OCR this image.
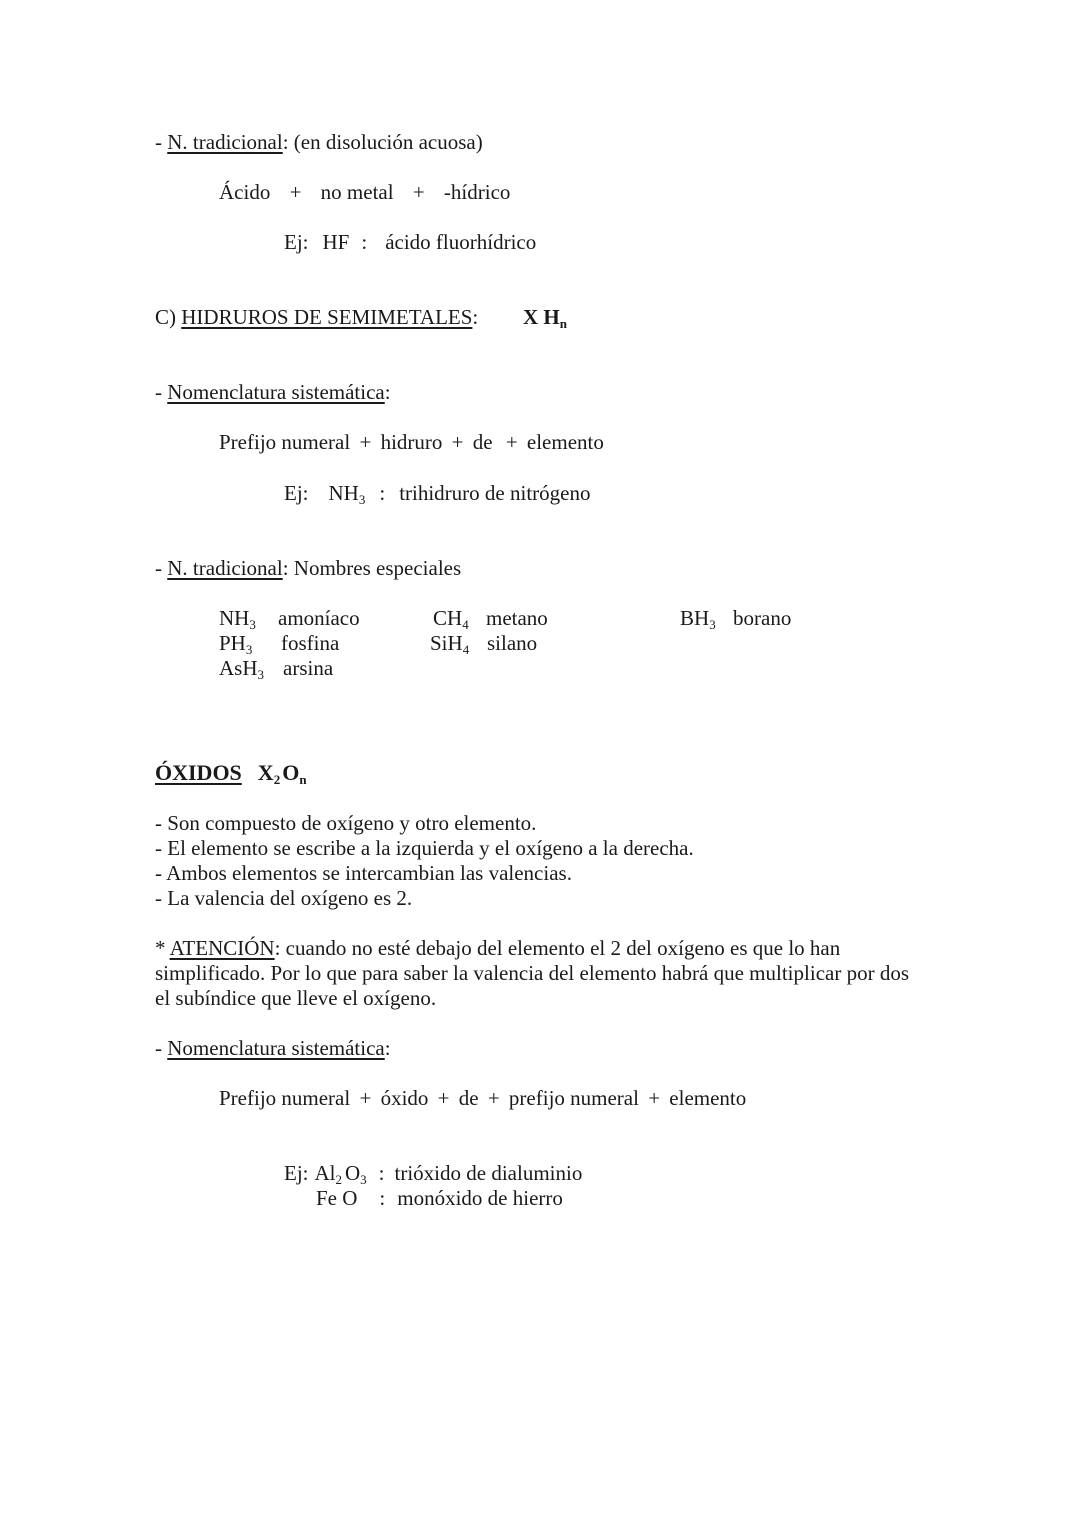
- N. tradicional: (en disolución acuosa)
Ácido + no metal + -hídrico
Ej: HF : ácido fluorhídrico
C) HIDRUROS DE SEMIMETALES: X $H_n$
- Nomenclatura sistemática:
Prefijo numeral + hidruro + de + elemento
Ej: $NH_3$ : trihidruro de nitrógeno
- N. tradicional: Nombres especiales
$NH_3$ amoníaco
$PH_3$ fosfina
AsH$_3$ arsina
$CH_4$ metano
SiH$_4$ silano
$BH_3$ borano
ÓXIDOS $X_2O_n$
- Son compuesto de oxígeno y otro elemento.
- El elemento se escribe a la izquierda y el oxígeno a la derecha.
- Ambos elementos se intercambian las valencias.
- La valencia del oxígeno es 2.
* ATENCIÓN: cuando no esté debajo del elemento el 2 del oxígeno es que lo han simplificado. Por lo que para saber la valencia del elemento habrá que multiplicar por dos el subíndice que lleve el oxígeno.
- Nomenclatura sistemática:
Prefijo numeral + óxido + de + prefijo numeral + elemento
Ej: $Al_2$ $O_3$ : trióxido de dialuminio
Fe O : monóxido de hierro
